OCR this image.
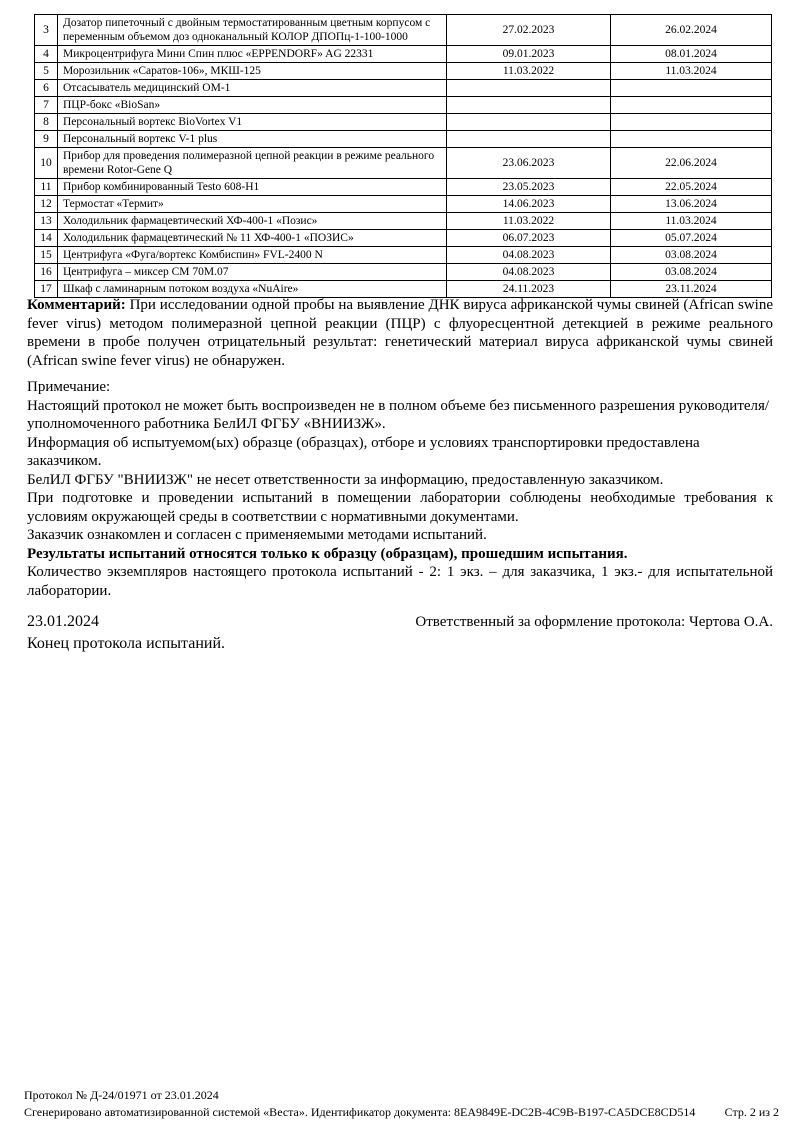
3	Дозатор пипеточный с двойным термостатированным цветным корпусом с переменным объемом доз одноканальный КОЛОР ДПОПц-1-100-1000	27.02.2023	26.02.2024
4	Микроцентрифуга Мини Спин плюс «EPPENDORF» AG 22331	09.01.2023	08.01.2024
5	Морозильник «Саратов-106», МКШ-125	11.03.2022	11.03.2024
6	Отсасыватель медицинский ОМ-1		
7	ПЦР-бокс «BioSan»		
8	Персональный вортекс BioVortex V1		
9	Персональный вортекс V-1 plus		
10	Прибор для проведения полимеразной цепной реакции в режиме реального времени Rotor-Gene Q	23.06.2023	22.06.2024
11	Прибор комбинированный Testo 608-H1	23.05.2023	22.05.2024
12	Термостат «Термит»	14.06.2023	13.06.2024
13	Холодильник фармацевтический ХФ-400-1 «Позис»	11.03.2022	11.03.2024
14	Холодильник фармацевтический № 11 ХФ-400-1 «ПОЗИС»	06.07.2023	05.07.2024
15	Центрифуга «Фуга/вортекс Комбиспин» FVL-2400 N	04.08.2023	03.08.2024
16	Центрифуга – миксер СМ 70М.07	04.08.2023	03.08.2024
17	Шкаф с ламинарным потоком воздуха «NuAire»	24.11.2023	23.11.2024

Комментарий: При исследовании одной пробы на выявление ДНК вируса африканской чумы свиней (African swine fever virus) методом полимеразной цепной реакции (ПЦР) с флуоресцентной детекцией в режиме реального времени в пробе получен отрицательный результат: генетический материал вируса африканской чумы свиней (African swine fever virus) не обнаружен.

Примечание:

Настоящий протокол не может быть воспроизведен не в полном объеме без письменного разрешения руководителя/уполномоченного работника БелИЛ ФГБУ «ВНИИЗЖ».

Информация об испытуемом(ых) образце (образцах), отборе и условиях транспортировки предоставлена заказчиком.

БелИЛ ФГБУ "ВНИИЗЖ" не несет ответственности за информацию, предоставленную заказчиком.

При подготовке и проведении испытаний в помещении лаборатории соблюдены необходимые требования к условиям окружающей среды в соответствии с нормативными документами.

Заказчик ознакомлен и согласен с применяемыми методами испытаний.

Результаты испытаний относятся только к образцу (образцам), прошедшим испытания.

Количество экземпляров настоящего протокола испытаний - 2: 1 экз. – для заказчика, 1 экз.- для испытательной лаборатории.

23.01.2024	Ответственный за оформление протокола: Чертова О.А.

Конец протокола испытаний.

Протокол № Д-24/01971 от 23.01.2024
Сгенерировано автоматизированной системой «Веста». Идентификатор документа: 8EA9849E-DC2B-4C9B-B197-CA5DCE8CD514 Стр. 2 из 2
